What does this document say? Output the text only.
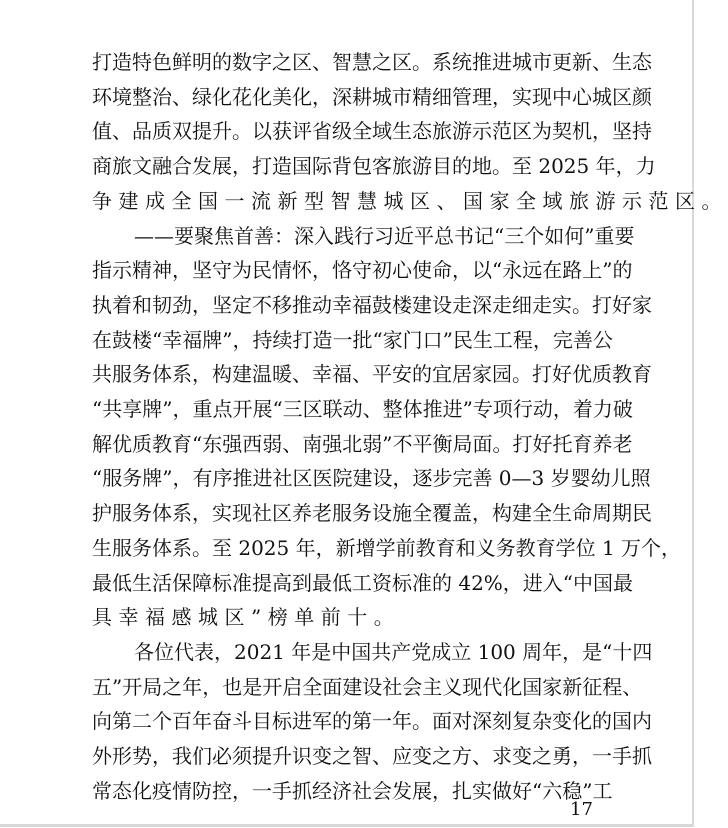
打造特色鲜明的数字之区、智慧之区。系统推进城市更新、生态
环境整治、绿化花化美化，深耕城市精细管理，实现中心城区颜
值、品质双提升。以获评省级全域生态旅游示范区为契机，坚持
商旅文融合发展，打造国际背包客旅游目的地。至 2025 年，力
争建成全国一流新型智慧城区、国家全域旅游示范区。
——要聚焦首善：深入践行习近平总书记“三个如何”重要
指示精神，坚守为民情怀，恪守初心使命，以“永远在路上”的
执着和韧劲，坚定不移推动幸福鼓楼建设走深走细走实。打好家
在鼓楼“幸福牌”，持续打造一批“家门口”民生工程，完善公
共服务体系，构建温暖、幸福、平安的宜居家园。打好优质教育
“共享牌”，重点开展“三区联动、整体推进”专项行动，着力破
解优质教育“东强西弱、南强北弱”不平衡局面。打好托育养老
“服务牌”，有序推进社区医院建设，逐步完善 0—3 岁婴幼儿照
护服务体系，实现社区养老服务设施全覆盖，构建全生命周期民
生服务体系。至 2025 年，新增学前教育和义务教育学位 1 万个，
最低生活保障标准提高到最低工资标准的 42%，进入“中国最
具幸福感城区”榜单前十。
各位代表，2021 年是中国共产党成立 100 周年，是“十四
五”开局之年，也是开启全面建设社会主义现代化国家新征程、
向第二个百年奋斗目标进军的第一年。面对深刻复杂变化的国内
外形势，我们必须提升识变之智、应变之方、求变之勇，一手抓
常态化疫情防控，一手抓经济社会发展，扎实做好“六稳”工
17
